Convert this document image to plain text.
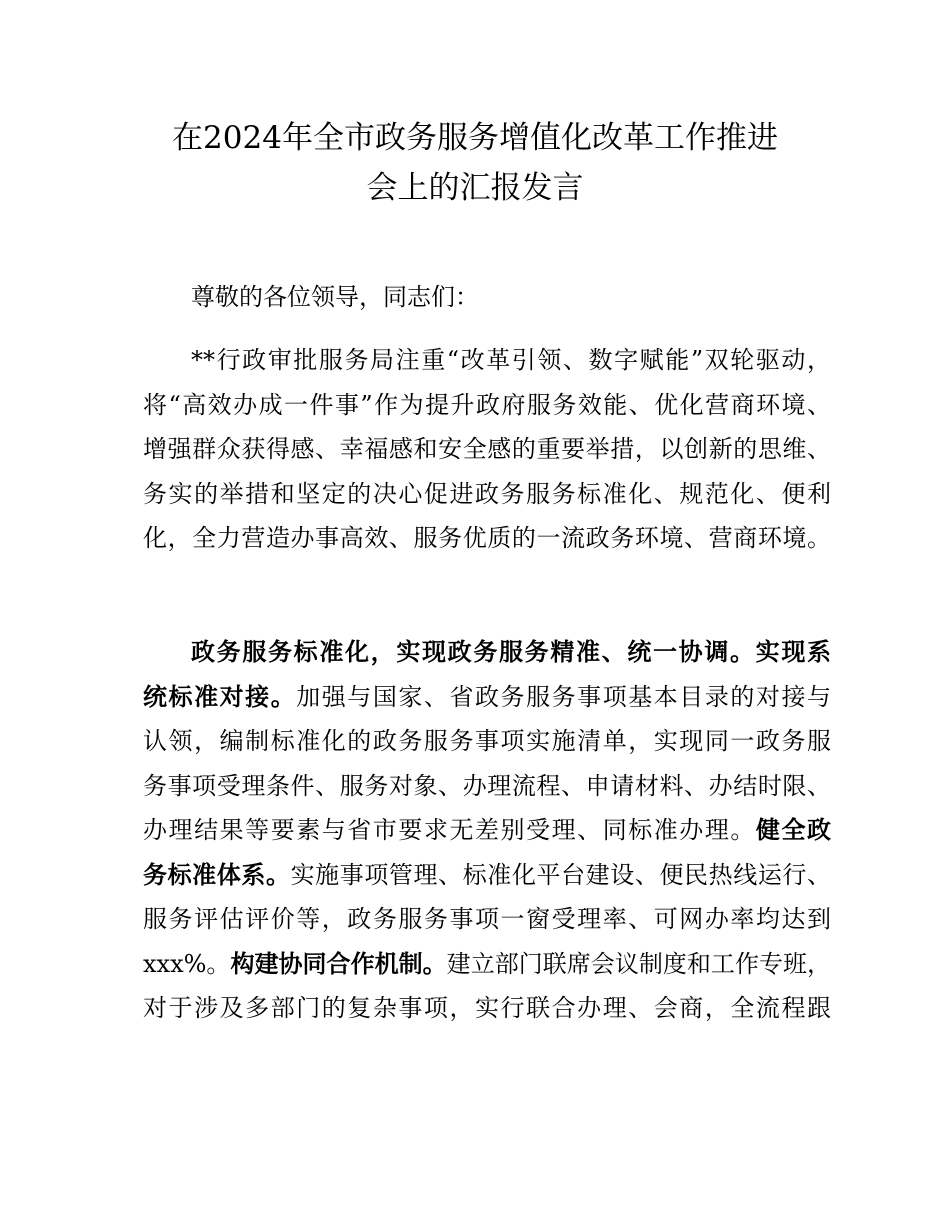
在2024年全市政务服务增值化改革工作推进
会上的汇报发言
尊敬的各位领导，同志们：
**行政审批服务局注重“改革引领、数字赋能”双轮驱动，
将“高效办成一件事”作为提升政府服务效能、优化营商环境、
增强群众获得感、幸福感和安全感的重要举措，以创新的思维、
务实的举措和坚定的决心促进政务服务标准化、规范化、便利
化，全力营造办事高效、服务优质的一流政务环境、营商环境。
政务服务标准化，实现政务服务精准、统一协调。实现系
统标准对接。加强与国家、省政务服务事项基本目录的对接与
认领，编制标准化的政务服务事项实施清单，实现同一政务服
务事项受理条件、服务对象、办理流程、申请材料、办结时限、
办理结果等要素与省市要求无差别受理、同标准办理。健全政
务标准体系。实施事项管理、标准化平台建设、便民热线运行、
服务评估评价等，政务服务事项一窗受理率、可网办率均达到
xxx%。构建协同合作机制。建立部门联席会议制度和工作专班，
对于涉及多部门的复杂事项，实行联合办理、会商，全流程跟
